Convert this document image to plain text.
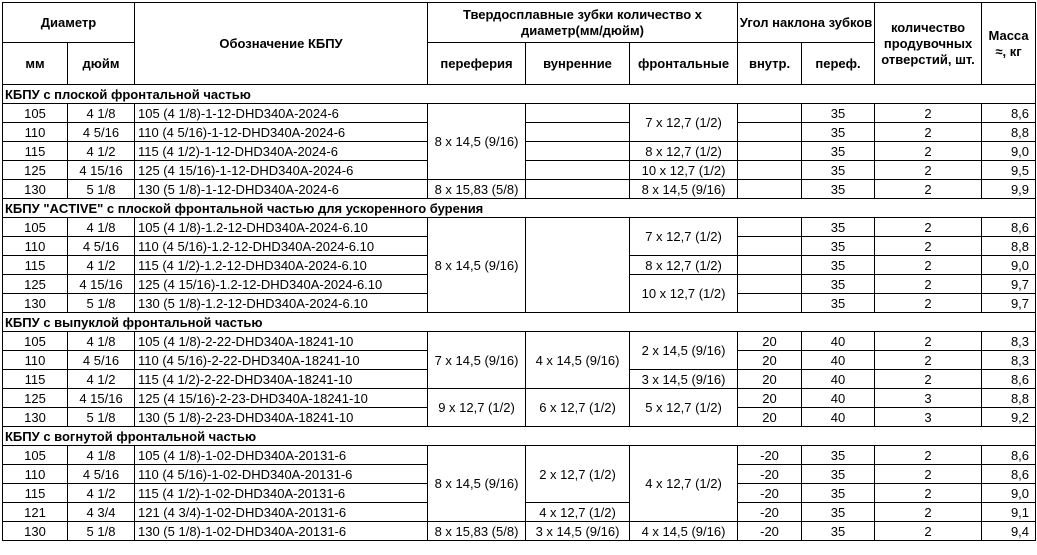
Диаметр		Обозначение КБПУ	Твердосплавные зубки количество х диаметр(мм/дюйм)			Угол наклона зубков		количество продувочных отверстий, шт.	Масса ≈, кг
мм	дюйм		переферия	вунренние	фронтальные	внутр.	переф.		
КБПУ с плоской фронтальной частью									
105	4 1/8	105 (4 1/8)-1-12-DHD340A-2024-6	8 х 14,5 (9/16)		7 х 12,7 (1/2)		35	2	8,6
110	4 5/16	110 (4 5/16)-1-12-DHD340A-2024-6					35	2	8,8
115	4 1/2	115 (4 1/2)-1-12-DHD340A-2024-6			8 х 12,7 (1/2)		35	2	9,0
125	4 15/16	125 (4 15/16)-1-12-DHD340A-2024-6			10 х 12,7 (1/2)		35	2	9,5
130	5 1/8	130 (5 1/8)-1-12-DHD340A-2024-6	8 х 15,83 (5/8)		8 х 14,5 (9/16)		35	2	9,9
КБПУ "ACTIVE" с плоской фронтальной частью для ускоренного бурения									
105	4 1/8	105 (4 1/8)-1.2-12-DHD340A-2024-6.10	8 х 14,5 (9/16)		7 х 12,7 (1/2)		35	2	8,6
110	4 5/16	110 (4 5/16)-1.2-12-DHD340A-2024-6.10					35	2	8,8
115	4 1/2	115 (4 1/2)-1.2-12-DHD340A-2024-6.10			8 х 12,7 (1/2)		35	2	9,0
125	4 15/16	125 (4 15/16)-1.2-12-DHD340A-2024-6.10			10 х 12,7 (1/2)		35	2	9,7
130	5 1/8	130 (5 1/8)-1.2-12-DHD340A-2024-6.10					35	2	9,7
КБПУ с выпуклой фронтальной частью									
105	4 1/8	105 (4 1/8)-2-22-DHD340A-18241-10	7 х 14,5 (9/16)	4 х 14,5 (9/16)	2 х 14,5 (9/16)	20	40	2	8,3
110	4 5/16	110 (4 5/16)-2-22-DHD340A-18241-10				20	40	2	8,3
115	4 1/2	115 (4 1/2)-2-22-DHD340A-18241-10			3 х 14,5 (9/16)	20	40	2	8,6
125	4 15/16	125 (4 15/16)-2-23-DHD340A-18241-10	9 х 12,7 (1/2)	6 х 12,7 (1/2)	5 х 12,7 (1/2)	20	40	3	8,8
130	5 1/8	130 (5 1/8)-2-23-DHD340A-18241-10				20	40	3	9,2
КБПУ с вогнутой фронтальной частью									
105	4 1/8	105 (4 1/8)-1-02-DHD340A-20131-6	8 х 14,5 (9/16)	2 х 12,7 (1/2)	4 х 12,7 (1/2)	-20	35	2	8,6
110	4 5/16	110 (4 5/16)-1-02-DHD340A-20131-6				-20	35	2	8,6
115	4 1/2	115 (4 1/2)-1-02-DHD340A-20131-6				-20	35	2	9,0
121	4 3/4	121 (4 3/4)-1-02-DHD340A-20131-6		4 х 12,7 (1/2)		-20	35	2	9,1
130	5 1/8	130 (5 1/8)-1-02-DHD340A-20131-6	8 х 15,83 (5/8)	3 х 14,5 (9/16)	4 х 14,5 (9/16)	-20	35	2	9,4
